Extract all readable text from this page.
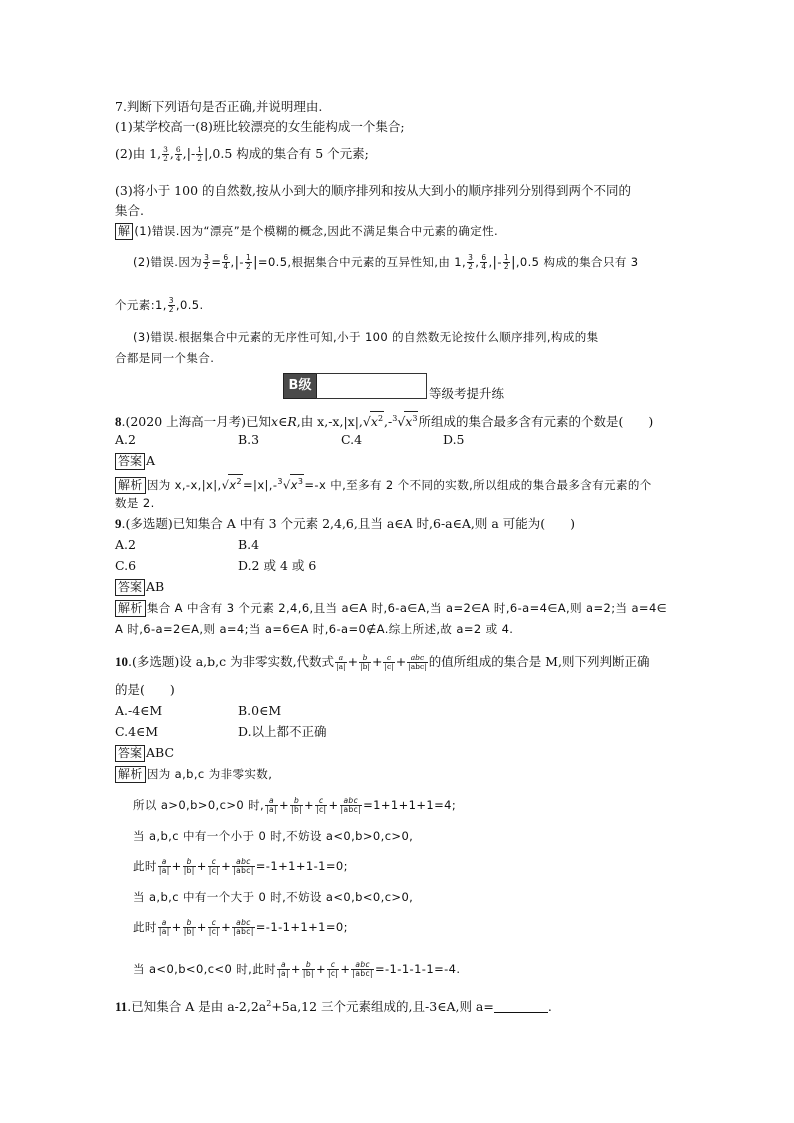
7.判断下列语句是否正确,并说明理由.
(1)某学校高一(8)班比较漂亮的女生能构成一个集合;
(2)由 1, $\frac{3}{2}$ , $\frac{6}{4}$ ,|- $\frac{1}{2} |,0.5$ 构成的集合有 5 个元素;
(3)将小于 100 的自然数,按从小到大的顺序排列和按从大到小的顺序排列分别得到两个不同的
集合.
解 (1)错误.因为“漂亮”是个模糊的概念,因此不满足集合中元素的确定性.
(2)错误.因为 $\frac{3}{2} = \frac{6}{4}$ ,|- $\frac{1}{2} |=0.5$,根据集合中元素的互异性知,由 1, $\frac{3}{2}$ , $\frac{6}{4}$ ,|- $\frac{1}{2} |,0.5$ 构成的集合只有 3
个元素:1, $\frac{3}{2} ,0.5$.
(3)错误.根据集合中元素的无序性可知,小于 100 的自然数无论按什么顺序排列,构成的集
合都是同一个集合.
B级
等级考提升练
8.(2020 上海高一月考)已知x∈R,由 $x,-x,|x|,√x^2,-^3√x^3$所组成的集合最多含有元素的个数是(　　)
A.2	B.3	C.4	D.5
答案 A
解析 因为 $x,-x,|x|,√x^2=|x|,-^3√x^3=-x$ 中,至多有 2 个不同的实数,所以组成的集合最多含有元素的个
数是 2.
9.(多选题)已知集合 A 中有 3 个元素 2,4,6,且当 a∈A 时,6-a∈A,则 a 可能为(　　)
A.2	B.4
C.6	D.2 或 4 或 6
答案 AB
解析 集合 A 中含有 3 个元素 2,4,6,且当 a∈A 时,6-a∈A,当 a=2∈A 时,6-a=4∈A,则 a=2;当 a=4∈
A 时,6-a=2∈A,则 a=4;当 a=6∈A 时,6-a=0∉A.综上所述,故 a=2 或 4.
10.(多选题)设 a,b,c 为非零实数,代数式 $\frac{a}{|a|} + \frac{b}{|b|} + \frac{c}{|c|} + \frac{\text{abc}}{\text{|abc|}}$ 的值所组成的集合是 M,则下列判断正确
的是(　　)
A.-4∈M	B.0∈M
C.4∈M	D.以上都不正确
答案 ABC
解析 因为 a,b,c 为非零实数,
所以 a>0,b>0,c>0 时, $\frac{a}{|a|} + \frac{b}{|b|} + \frac{c}{|c|} + \frac{\text{abc}}{\text{|abc|}} =1+1+1+1=4$;
当 a,b,c 中有一个小于 0 时,不妨设 a<0,b>0,c>0,
此时 $\frac{a}{|a|} + \frac{b}{|b|} + \frac{c}{|c|} + \frac{\text{abc}}{\text{|abc|}} =-1+1+1-1=0$;
当 a,b,c 中有一个大于 0 时,不妨设 a<0,b<0,c>0,
此时 $\frac{a}{|a|} + \frac{b}{|b|} + \frac{c}{|c|} + \frac{\text{abc}}{\text{|abc|}} =-1-1+1+1=0$;
当 a<0,b<0,c<0 时,此时 $\frac{a}{|a|} + \frac{b}{|b|} + \frac{c}{|c|} + \frac{\text{abc}}{\text{|abc|}} =-1-1-1-1=-4$.
11.已知集合 A 是由 $a-2,2a^2+5a,12$ 三个元素组成的,且-3∈A,则 a=	.
